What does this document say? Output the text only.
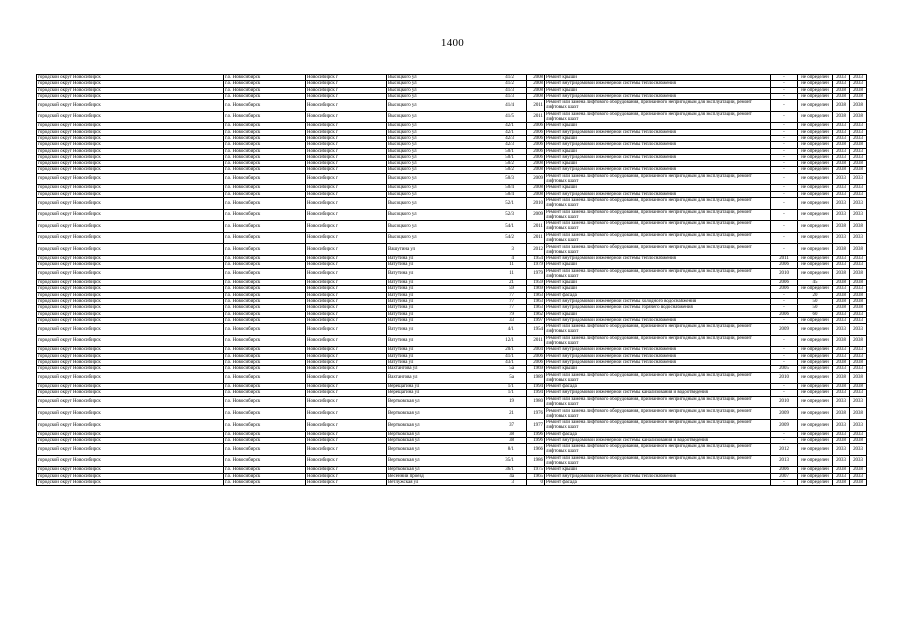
1400
городской округ Новосибирск	г.о. Новосибирск	Новосибирск г	Высоцкого ул 41/2	2008	Ремонт крыши	-	не определен	2033	2033
городской округ Новосибирск	г.о. Новосибирск	Новосибирск г	Высоцкого ул 41/2	2008	Ремонт внутридомовой инженерной системы теплоснабжения	-	не определен	2033	2033
городской округ Новосибирск	г.о. Новосибирск	Новосибирск г	Высоцкого ул 41/3	2008	Ремонт крыши	-	не определен	2038	2038
городской округ Новосибирск	г.о. Новосибирск	Новосибирск г	Высоцкого ул 41/3	2008	Ремонт внутридомовой инженерной системы теплоснабжения	-	не определен	2038	2038
городской округ Новосибирск	г.о. Новосибирск	Новосибирск г	Высоцкого ул 41/4	2011	Ремонт или замена лифтового оборудования, признанного непригодным для эксплуатации, ремонт лифтовых шахт	-	не определен	2038	2038
городской округ Новосибирск	г.о. Новосибирск	Новосибирск г	Высоцкого ул 41/5	2011	Ремонт или замена лифтового оборудования, признанного непригодным для эксплуатации, ремонт лифтовых шахт	-	не определен	2038	2038
городской округ Новосибирск	г.о. Новосибирск	Новосибирск г	Высоцкого ул 42/1	2006	Ремонт крыши	-	не определен	2033	2033
городской округ Новосибирск	г.о. Новосибирск	Новосибирск г	Высоцкого ул 42/1	2006	Ремонт внутридомовой инженерной системы теплоснабжения	-	не определен	2033	2033
городской округ Новосибирск	г.о. Новосибирск	Новосибирск г	Высоцкого ул 42/3	2006	Ремонт крыши	-	не определен	2033	2033
городской округ Новосибирск	г.о. Новосибирск	Новосибирск г	Высоцкого ул 42/3	2006	Ремонт внутридомовой инженерной системы теплоснабжения	-	не определен	2038	2038
городской округ Новосибирск	г.о. Новосибирск	Новосибирск г	Высоцкого ул 50/1	2006	Ремонт крыши	-	не определен	2033	2033
городской округ Новосибирск	г.о. Новосибирск	Новосибирск г	Высоцкого ул 50/1	2006	Ремонт внутридомовой инженерной системы теплоснабжения	-	не определен	2033	2033
городской округ Новосибирск	г.о. Новосибирск	Новосибирск г	Высоцкого ул 50/2	2008	Ремонт крыши	-	не определен	2038	2038
городской округ Новосибирск	г.о. Новосибирск	Новосибирск г	Высоцкого ул 50/2	2008	Ремонт внутридомовой инженерной системы теплоснабжения	-	не определен	2038	2038
городской округ Новосибирск	г.о. Новосибирск	Новосибирск г	Высоцкого ул 50/3	2009	Ремонт или замена лифтового оборудования, признанного непригодным для эксплуатации, ремонт лифтовых шахт	-	не определен	2033	2033
городской округ Новосибирск	г.о. Новосибирск	Новосибирск г	Высоцкого ул 50/4	2008	Ремонт крыши	-	не определен	2033	2033
городской округ Новосибирск	г.о. Новосибирск	Новосибирск г	Высоцкого ул 50/4	2008	Ремонт внутридомовой инженерной системы теплоснабжения	-	не определен	2033	2033
городской округ Новосибирск	г.о. Новосибирск	Новосибирск г	Высоцкого ул 52/1	2010	Ремонт или замена лифтового оборудования, признанного непригодным для эксплуатации, ремонт лифтовых шахт	-	не определен	2033	2033
городской округ Новосибирск	г.о. Новосибирск	Новосибирск г	Высоцкого ул 52/3	2009	Ремонт или замена лифтового оборудования, признанного непригодным для эксплуатации, ремонт лифтовых шахт	-	не определен	2033	2033
городской округ Новосибирск	г.о. Новосибирск	Новосибирск г	Высоцкого ул 54/1	2011	Ремонт или замена лифтового оборудования, признанного непригодным для эксплуатации, ремонт лифтовых шахт	-	не определен	2038	2038
городской округ Новосибирск	г.о. Новосибирск	Новосибирск г	Высоцкого ул 54/2	2011	Ремонт или замена лифтового оборудования, признанного непригодным для эксплуатации, ремонт лифтовых шахт	-	не определен	2033	2033
городской округ Новосибирск	г.о. Новосибирск	Новосибирск г	Вашутина ул 3	2012	Ремонт или замена лифтового оборудования, признанного непригодным для эксплуатации, ремонт лифтовых шахт	-	не определен	2038	2038
городской округ Новосибирск	г.о. Новосибирск	Новосибирск г	Ватутина ул 4	1954	Ремонт внутридомовой инженерной системы теплоснабжения	2011	не определен	2033	2033
городской округ Новосибирск	г.о. Новосибирск	Новосибирск г	Ватутина ул 11	1979	Ремонт крыши	2006	не определен	2033	2033
городской округ Новосибирск	г.о. Новосибирск	Новосибирск г	Ватутина ул 11	1979	Ремонт или замена лифтового оборудования, признанного непригодным для эксплуатации, ремонт лифтовых шахт	2010	не определен	2038	2038
городской округ Новосибирск	г.о. Новосибирск	Новосибирск г	Ватутина ул 21	1959	Ремонт крыши	2006	45	2038	2038
городской округ Новосибирск	г.о. Новосибирск	Новосибирск г	Ватутина ул 59	1969	Ремонт крыши	2006	не определен	2033	2033
городской округ Новосибирск	г.о. Новосибирск	Новосибирск г	Ватутина ул 77	1963	Ремонт фасада	-	20	2038	2038
городской округ Новосибирск	г.о. Новосибирск	Новосибирск г	Ватутина ул 77	1963	Ремонт внутридомовой инженерной системы холодного водоснабжения	-	50	2038	2038
городской округ Новосибирск	г.о. Новосибирск	Новосибирск г	Ватутина ул 77	1963	Ремонт внутридомовой инженерной системы горячего водоснабжения	-	50	2038	2038
городской округ Новосибирск	г.о. Новосибирск	Новосибирск г	Ватутина ул 79	1962	Ремонт крыши	2006	60	2033	2033
городской округ Новосибирск	г.о. Новосибирск	Новосибирск г	Ватутина ул 33	1997	Ремонт внутридомовой инженерной системы теплоснабжения	-	не определен	2033	2033
городской округ Новосибирск	г.о. Новосибирск	Новосибирск г	Ватутина ул 4/1	1954	Ремонт или замена лифтового оборудования, признанного непригодным для эксплуатации, ремонт лифтовых шахт	2009	не определен	2033	2033
городской округ Новосибирск	г.о. Новосибирск	Новосибирск г	Ватутина ул 12/1	2011	Ремонт или замена лифтового оборудования, признанного непригодным для эксплуатации, ремонт лифтовых шахт	-	не определен	2038	2038
городской округ Новосибирск	г.о. Новосибирск	Новосибирск г	Ватутина ул 20/1	2004	Ремонт внутридомовой инженерной системы теплоснабжения	-	не определен	2033	2033
городской округ Новосибирск	г.о. Новосибирск	Новосибирск г	Ватутина ул 41/1	2006	Ремонт внутридомовой инженерной системы теплоснабжения	-	не определен	2033	2033
городской округ Новосибирск	г.о. Новосибирск	Новосибирск г	Ватутина ул 43/1	2006	Ремонт внутридомовой инженерной системы теплоснабжения	-	не определен	2038	2038
городской округ Новосибирск	г.о. Новосибирск	Новосибирск г	Вахтангова ул 5а	1969	Ремонт крыши	2005	не определен	2033	2033
городской округ Новосибирск	г.о. Новосибирск	Новосибирск г	Вахтангова ул 5а	1989	Ремонт или замена лифтового оборудования, признанного непригодным для эксплуатации, ремонт лифтовых шахт	2010	не определен	2038	2038
городской округ Новосибирск	г.о. Новосибирск	Новосибирск г	Верещагина ул 1/1	1994	Ремонт фасада	-	не определен	2038	2038
городской округ Новосибирск	г.о. Новосибирск	Новосибирск г	Верещагина ул 1/1	1994	Ремонт внутридомовой инженерной системы канализования и водоотведения	-	не определен	2033	2033
городской округ Новосибирск	г.о. Новосибирск	Новосибирск г	Вертковская ул 19	1980	Ремонт или замена лифтового оборудования, признанного непригодным для эксплуатации, ремонт лифтовых шахт	2010	не определен	2033	2033
городской округ Новосибирск	г.о. Новосибирск	Новосибирск г	Вертковская ул 21	1976	Ремонт или замена лифтового оборудования, признанного непригодным для эксплуатации, ремонт лифтовых шахт	2009	не определен	2038	2038
городской округ Новосибирск	г.о. Новосибирск	Новосибирск г	Вертковская ул 37	1977	Ремонт или замена лифтового оборудования, признанного непригодным для эксплуатации, ремонт лифтовых шахт	2009	не определен	2033	2033
городской округ Новосибирск	г.о. Новосибирск	Новосибирск г	Вертковская ул 38	1996	Ремонт фасада	-	не определен	2033	2033
городской округ Новосибирск	г.о. Новосибирск	Новосибирск г	Вертковская ул 38	1996	Ремонт внутридомовой инженерной системы канализования и водоотведения	-	не определен	2038	2038
городской округ Новосибирск	г.о. Новосибирск	Новосибирск г	Вертковская ул 8/1	1966	Ремонт или замена лифтового оборудования, признанного непригодным для эксплуатации, ремонт лифтовых шахт	2012	не определен	2033	2033
городской округ Новосибирск	г.о. Новосибирск	Новосибирск г	Вертковская ул 35/1	1986	Ремонт или замена лифтового оборудования, признанного непригодным для эксплуатации, ремонт лифтовых шахт	2013	не определен	2033	2033
городской округ Новосибирск	г.о. Новосибирск	Новосибирск г	Вертковская ул 36/1	1975	Ремонт крыши	2006	не определен	2038	2038
городской округ Новосибирск	г.о. Новосибирск	Новосибирск г	Весенний проезд 4а	1965	Ремонт внутридомовой инженерной системы теплоснабжения	2007	не определен	2033	2033
городской округ Новосибирск	г.о. Новосибирск	Новосибирск г	Ветлужская ул 3	0	Ремонт фасада	-	не определен	2038	2038
